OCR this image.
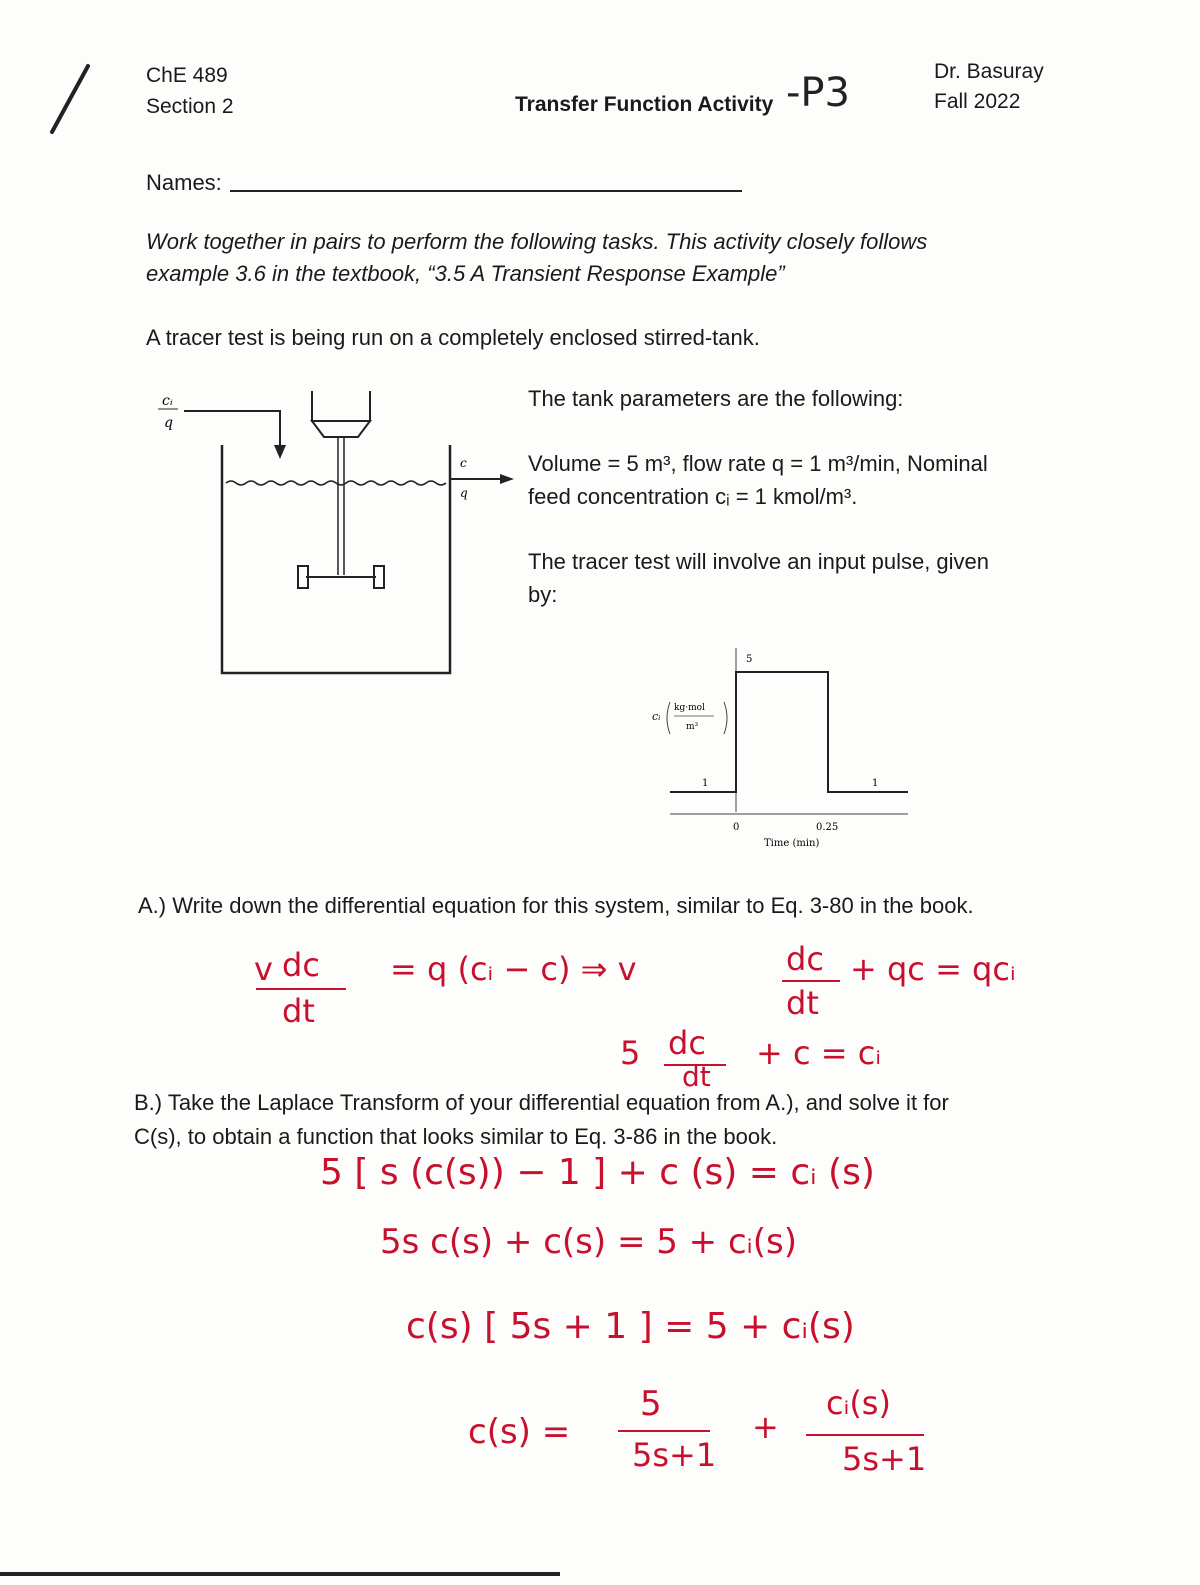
ChE 489
Section 2	Transfer Function Activity -P3	Dr. Basuray
Fall 2022
Names:
Work together in pairs to perform the following tasks. This activity closely follows example 3.6 in the textbook, “3.5 A Transient Response Example”
A tracer test is being run on a completely enclosed stirred-tank.
cᵢ
q
c
q
The tank parameters are the following:
Volume = 5 m³, flow rate q = 1 m³/min, Nominal
feed concentration cᵢ = 1 kmol/m³.
The tracer test will involve an input pulse, given
by:
5
1	1
0	0.25
Time (min)
cᵢ
kg·mol
m³
A.) Write down the differential equation for this system, similar to Eq. 3-80 in the book.
v dc
dt
= q (cᵢ − c) ⇒ v	dc
dt
+ qc = qcᵢ
5 dc
dt
+ c = cᵢ
B.) Take the Laplace Transform of your differential equation from A.), and solve it for
C(s), to obtain a function that looks similar to Eq. 3-86 in the book.
5 [ s (c(s)) − 1 ] + c (s) = cᵢ (s)
5s c(s) + c(s) = 5 + cᵢ(s)
c(s) [ 5s + 1 ] = 5 + cᵢ(s)
c(s) =
5
5s+1
+
cᵢ(s)
5s+1
